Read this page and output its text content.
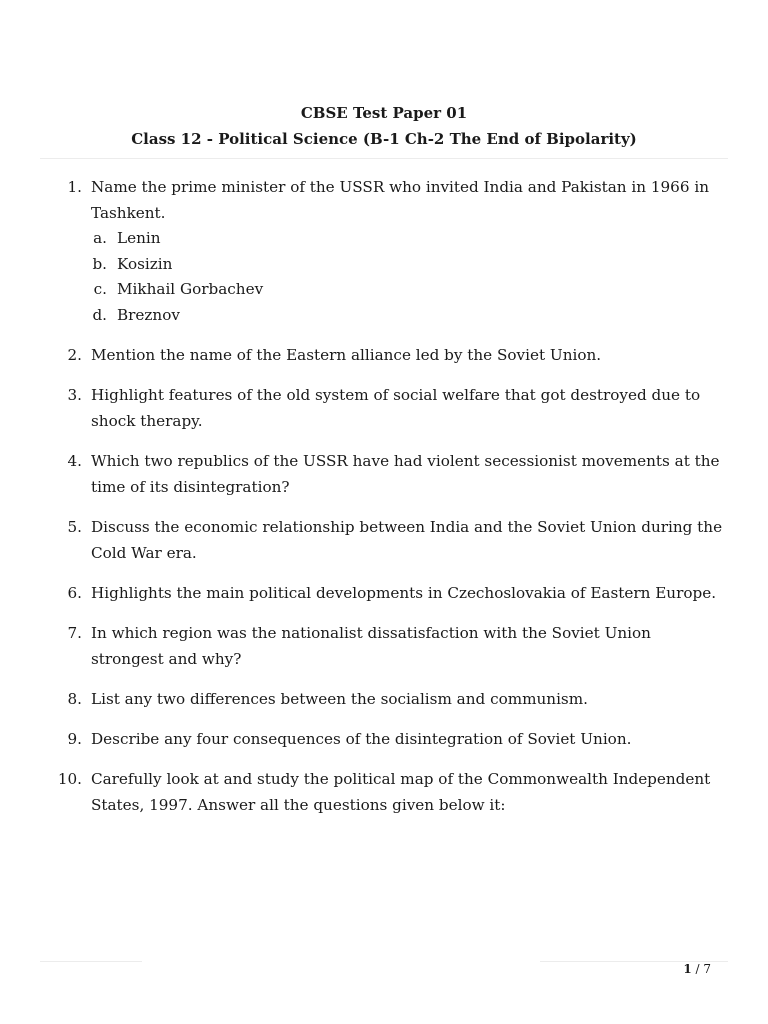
CBSE Test Paper 01
Class 12 - Political Science (B-1 Ch-2 The End of Bipolarity)
1. Name the prime minister of the USSR who invited India and Pakistan in 1966 in Tashkent.
a. Lenin
b. Kosizin
c. Mikhail Gorbachev
d. Breznov
2. Mention the name of the Eastern alliance led by the Soviet Union.
3. Highlight features of the old system of social welfare that got destroyed due to shock therapy.
4. Which two republics of the USSR have had violent secessionist movements at the time of its disintegration?
5. Discuss the economic relationship between India and the Soviet Union during the Cold War era.
6. Highlights the main political developments in Czechoslovakia of Eastern Europe.
7. In which region was the nationalist dissatisfaction with the Soviet Union strongest and why?
8. List any two differences between the socialism and communism.
9. Describe any four consequences of the disintegration of Soviet Union.
10. Carefully look at and study the political map of the Commonwealth Independent States, 1997. Answer all the questions given below it:
1 / 7
